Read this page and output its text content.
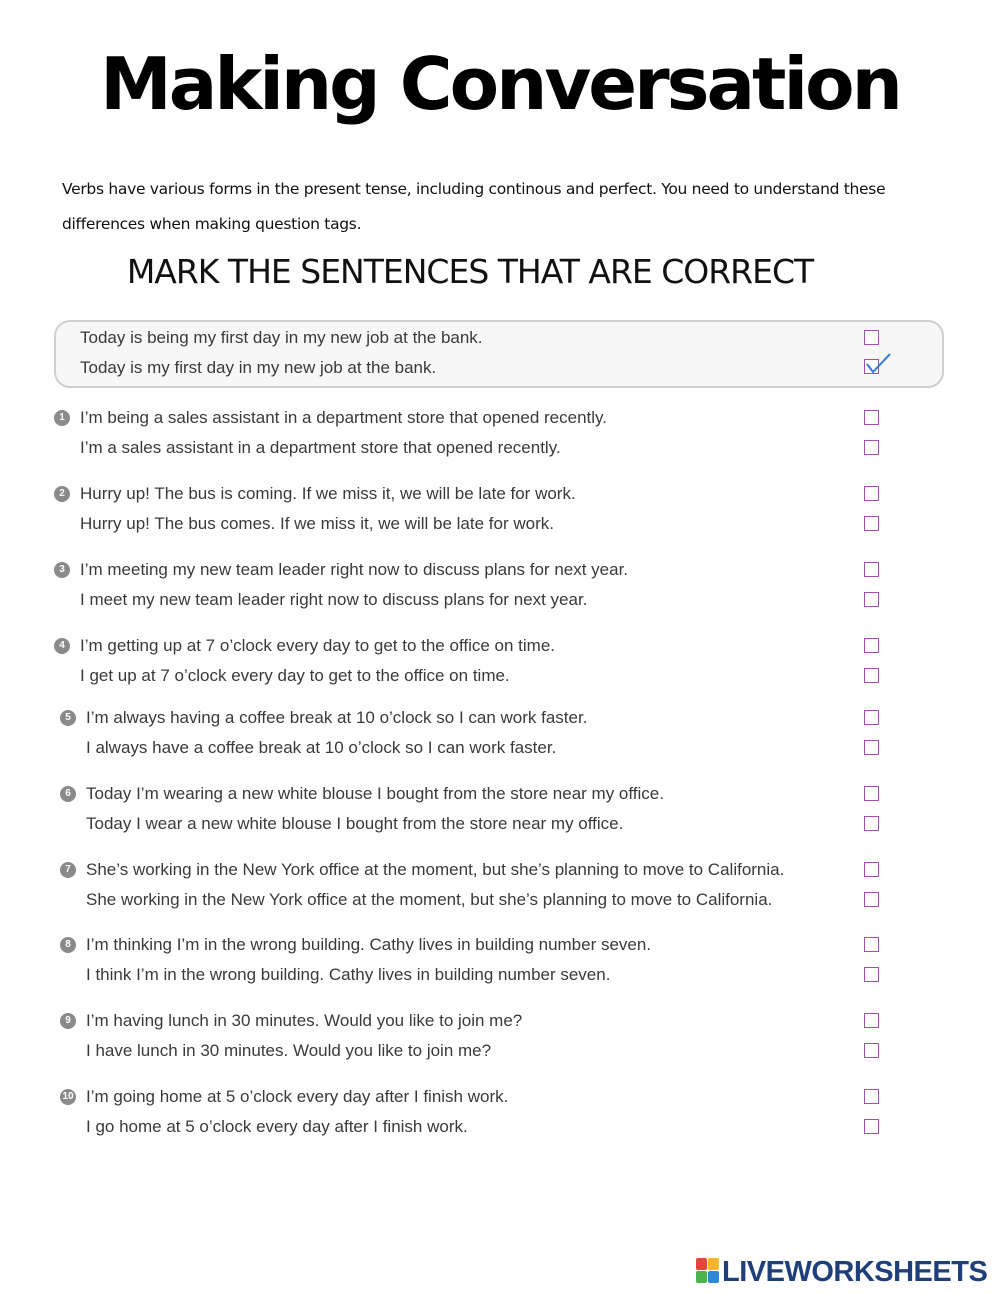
Making Conversation
Verbs have various forms in the present tense, including continous and perfect. You need to understand these differences when making question tags.
MARK THE SENTENCES THAT ARE CORRECT
Today is being my first day in my new job at the bank.
Today is my first day in my new job at the bank.
1 I’m being a sales assistant in a department store that opened recently.
I’m a sales assistant in a department store that opened recently.
2 Hurry up! The bus is coming. If we miss it, we will be late for work.
Hurry up! The bus comes. If we miss it, we will be late for work.
3 I’m meeting my new team leader right now to discuss plans for next year.
I meet my new team leader right now to discuss plans for next year.
4 I’m getting up at 7 o’clock every day to get to the office on time.
I get up at 7 o’clock every day to get to the office on time.
5 I’m always having a coffee break at 10 o’clock so I can work faster.
I always have a coffee break at 10 o’clock so I can work faster.
6 Today I’m wearing a new white blouse I bought from the store near my office.
Today I wear a new white blouse I bought from the store near my office.
7 She’s working in the New York office at the moment, but she’s planning to move to California.
She working in the New York office at the moment, but she’s planning to move to California.
8 I’m thinking I’m in the wrong building. Cathy lives in building number seven.
I think I’m in the wrong building. Cathy lives in building number seven.
9 I’m having lunch in 30 minutes. Would you like to join me?
I have lunch in 30 minutes. Would you like to join me?
10 I’m going home at 5 o’clock every day after I finish work.
I go home at 5 o’clock every day after I finish work.
LIVEWORKSHEETS
